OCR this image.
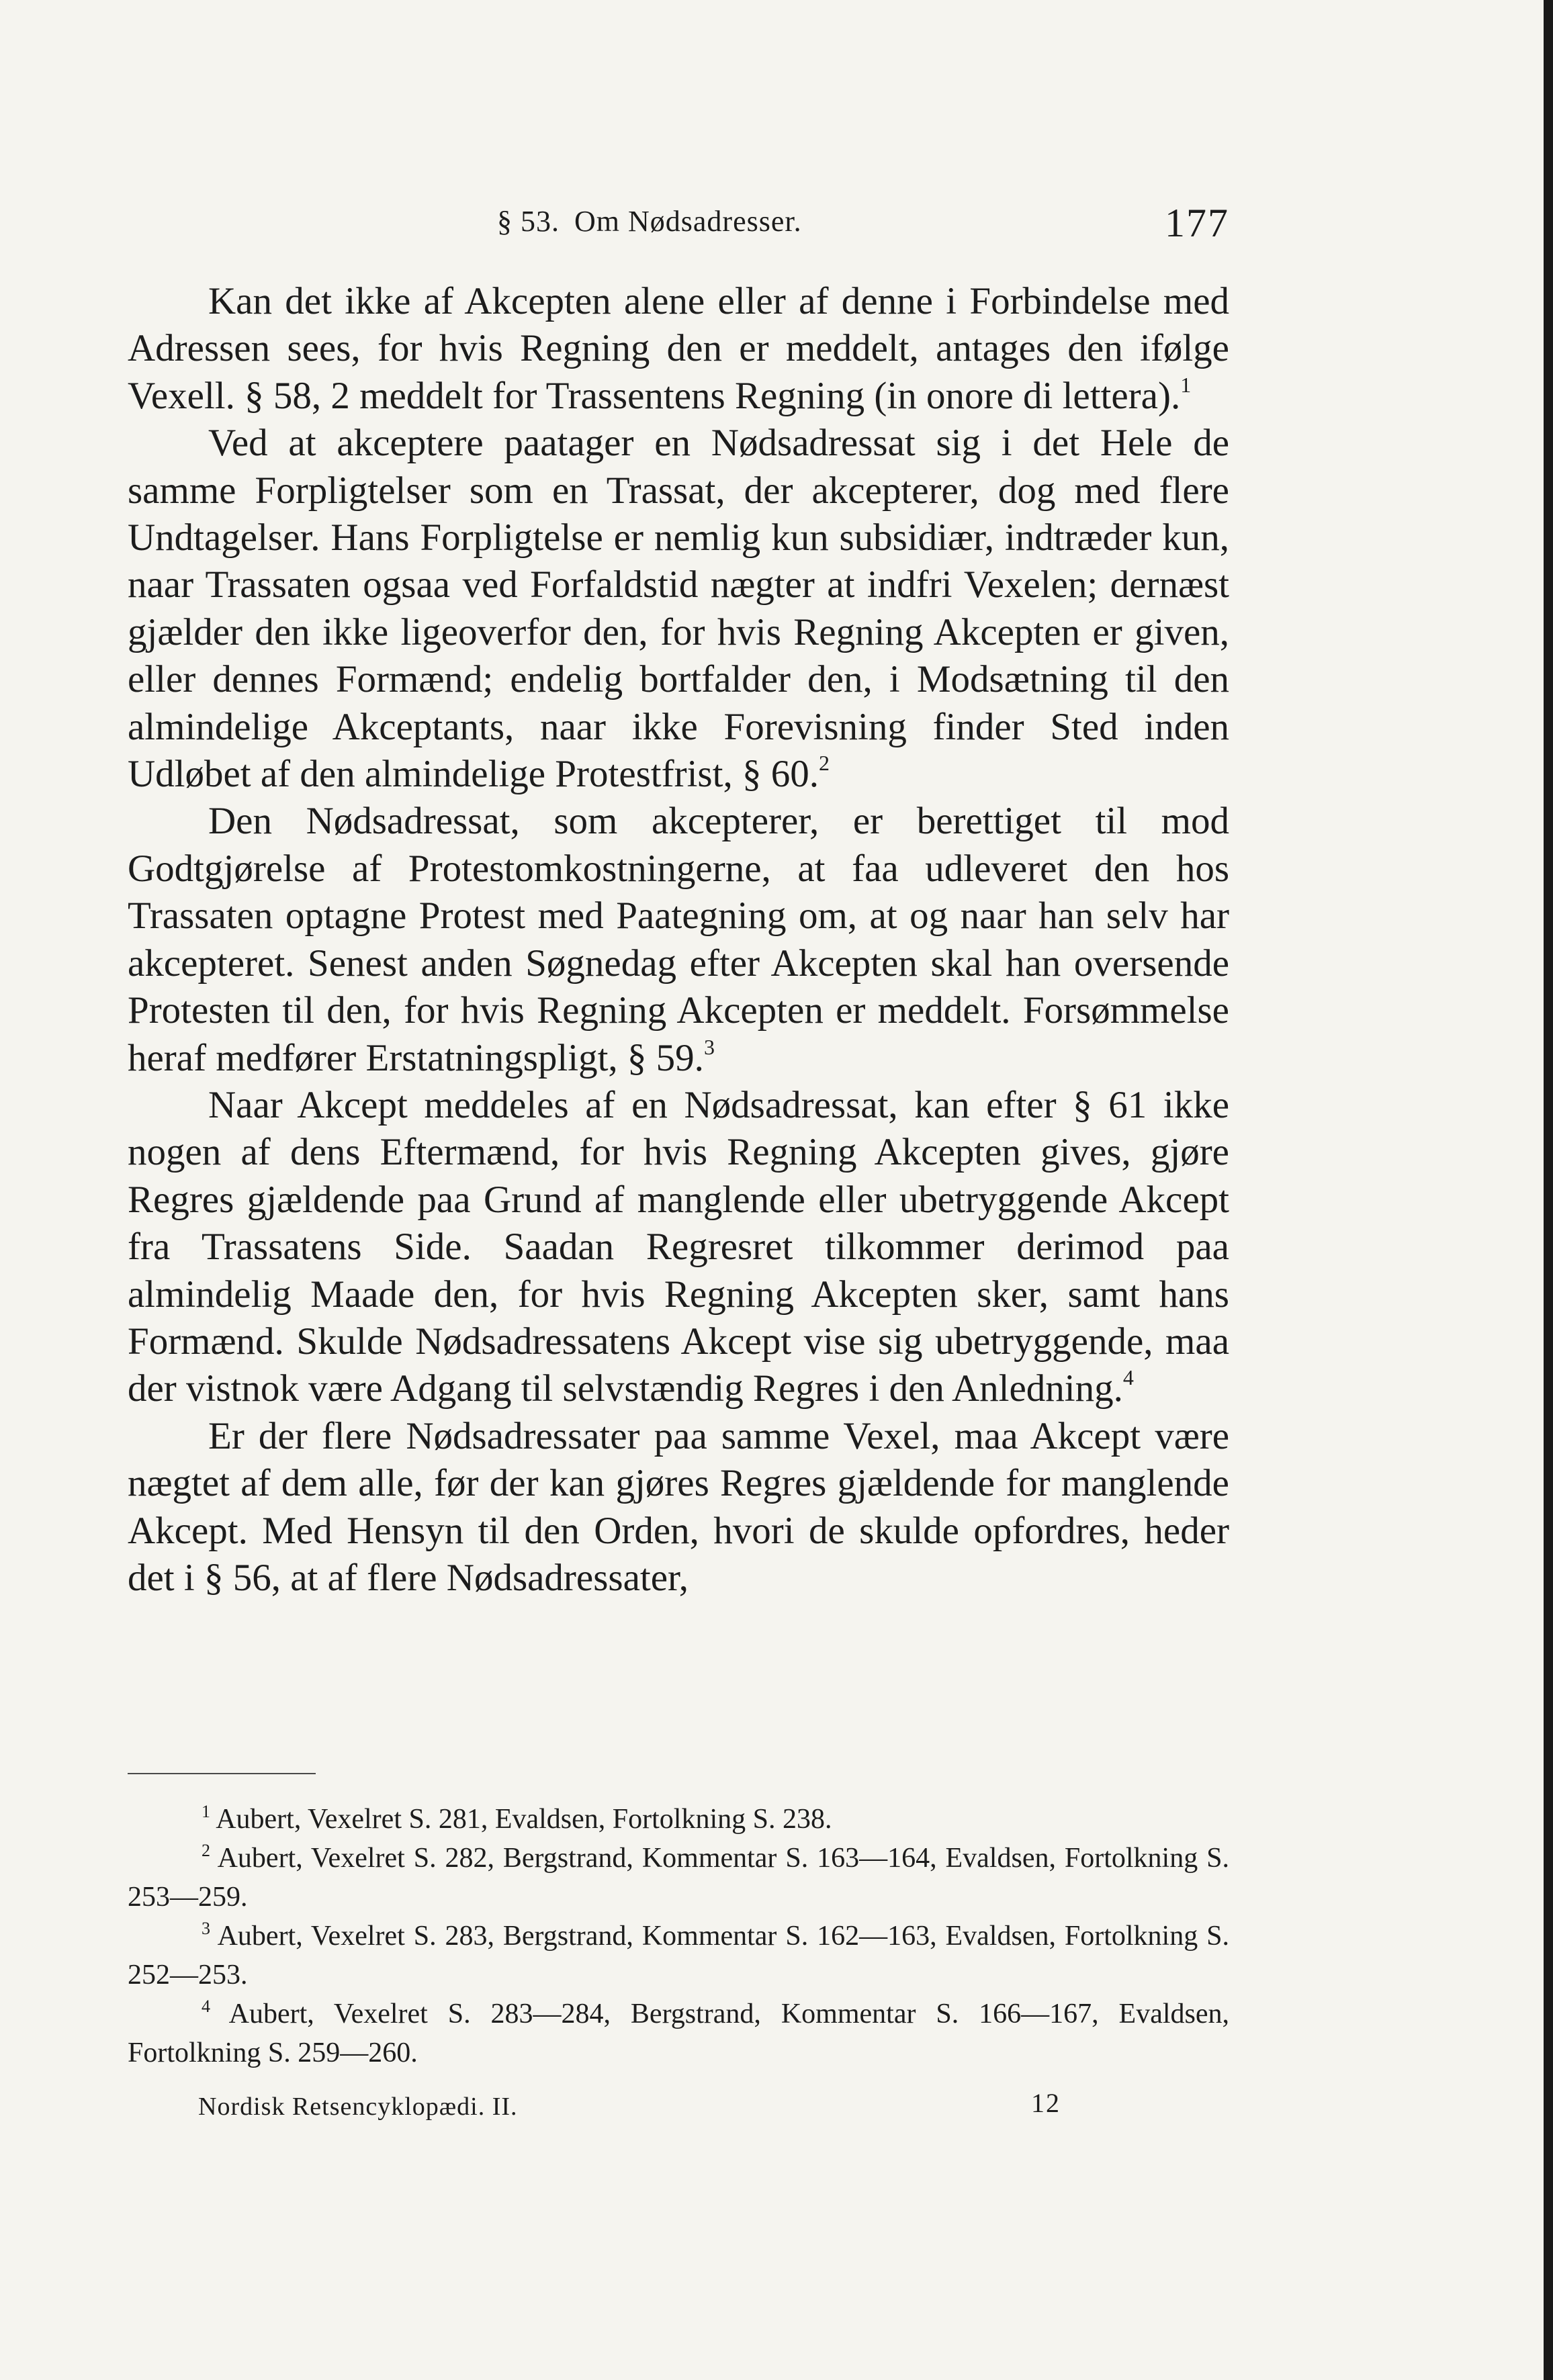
§ 53. Om Nødsadresser.	177

Kan det ikke af Akcepten alene eller af denne i Forbindelse med Adressen sees, for hvis Regning den er meddelt, antages den ifølge Vexell. § 58, 2 meddelt for Trassentens Regning (in onore di lettera).$^1$

Ved at akceptere paatager en Nødsadressat sig i det Hele de samme Forpligtelser som en Trassat, der akcepterer, dog med flere Undtagelser. Hans Forpligtelse er nemlig kun subsidiær, indtræder kun, naar Trassaten ogsaa ved Forfaldstid nægter at indfri Vexelen; dernæst gjælder den ikke ligeoverfor den, for hvis Regning Akcepten er given, eller dennes Formænd; endelig bortfalder den, i Modsætning til den almindelige Akceptants, naar ikke Forevisning finder Sted inden Udløbet af den almindelige Protestfrist, § 60.$^2$

Den Nødsadressat, som akcepterer, er berettiget til mod Godtgjørelse af Protestomkostningerne, at faa udleveret den hos Trassaten optagne Protest med Paategning om, at og naar han selv har akcepteret. Senest anden Søgnedag efter Akcepten skal han oversende Protesten til den, for hvis Regning Akcepten er meddelt. Forsømmelse heraf medfører Erstatningspligt, § 59.$^3$

Naar Akcept meddeles af en Nødsadressat, kan efter § 61 ikke nogen af dens Eftermænd, for hvis Regning Akcepten gives, gjøre Regres gjældende paa Grund af manglende eller ubetryggende Akcept fra Trassatens Side. Saadan Regresret tilkommer derimod paa almindelig Maade den, for hvis Regning Akcepten sker, samt hans Formænd. Skulde Nødsadressatens Akcept vise sig ubetryggende, maa der vistnok være Adgang til selvstændig Regres i den Anledning.$^4$

Er der flere Nødsadressater paa samme Vexel, maa Akcept være nægtet af dem alle, før der kan gjøres Regres gjældende for manglende Akcept. Med Hensyn til den Orden, hvori de skulde opfordres, heder det i § 56, at af flere Nødsadressater,

$^1$ Aubert, Vexelret S. 281, Evaldsen, Fortolkning S. 238.

$^2$ Aubert, Vexelret S. 282, Bergstrand, Kommentar S. 163—164, Evaldsen, Fortolkning S. 253—259.

$^3$ Aubert, Vexelret S. 283, Bergstrand, Kommentar S. 162—163, Evaldsen, Fortolkning S. 252—253.

$^4$ Aubert, Vexelret S. 283—284, Bergstrand, Kommentar S. 166—167, Evaldsen, Fortolkning S. 259—260.

Nordisk Retsencyklopædi. II.	12
